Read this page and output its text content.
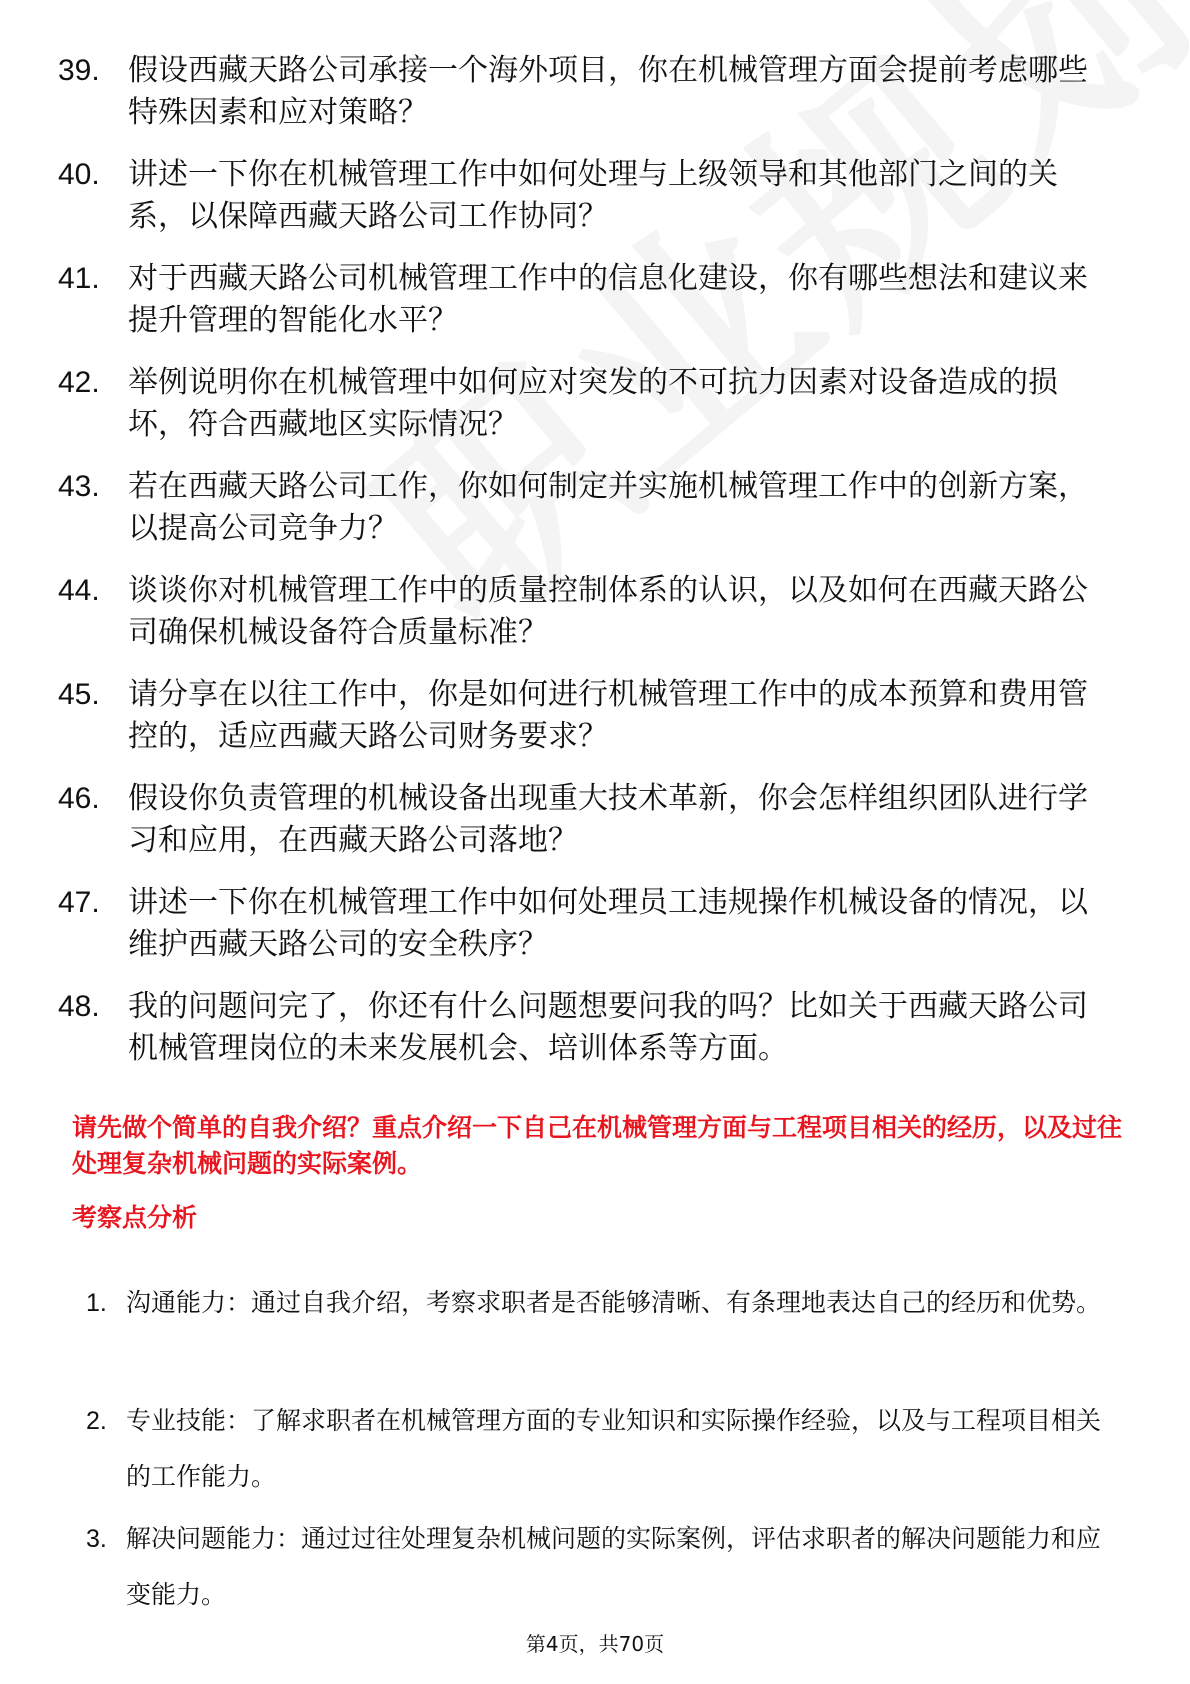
39. 假设西藏天路公司承接一个海外项目，你在机械管理方面会提前考虑哪些特殊因素和应对策略？
40. 讲述一下你在机械管理工作中如何处理与上级领导和其他部门之间的关系，以保障西藏天路公司工作协同？
41. 对于西藏天路公司机械管理工作中的信息化建设，你有哪些想法和建议来提升管理的智能化水平？
42. 举例说明你在机械管理中如何应对突发的不可抗力因素对设备造成的损坏，符合西藏地区实际情况？
43. 若在西藏天路公司工作，你如何制定并实施机械管理工作中的创新方案，以提高公司竞争力？
44. 谈谈你对机械管理工作中的质量控制体系的认识，以及如何在西藏天路公司确保机械设备符合质量标准？
45. 请分享在以往工作中，你是如何进行机械管理工作中的成本预算和费用管控的，适应西藏天路公司财务要求？
46. 假设你负责管理的机械设备出现重大技术革新，你会怎样组织团队进行学习和应用，在西藏天路公司落地？
47. 讲述一下你在机械管理工作中如何处理员工违规操作机械设备的情况，以维护西藏天路公司的安全秩序？
48. 我的问题问完了，你还有什么问题想要问我的吗？比如关于西藏天路公司机械管理岗位的未来发展机会、培训体系等方面。
请先做个简单的自我介绍？重点介绍一下自己在机械管理方面与工程项目相关的经历，以及过往处理复杂机械问题的实际案例。
考察点分析
1. 沟通能力：通过自我介绍，考察求职者是否能够清晰、有条理地表达自己的经历和优势。
2. 专业技能：了解求职者在机械管理方面的专业知识和实际操作经验，以及与工程项目相关的工作能力。
3. 解决问题能力：通过过往处理复杂机械问题的实际案例，评估求职者的解决问题能力和应变能力。
第4页，共70页
